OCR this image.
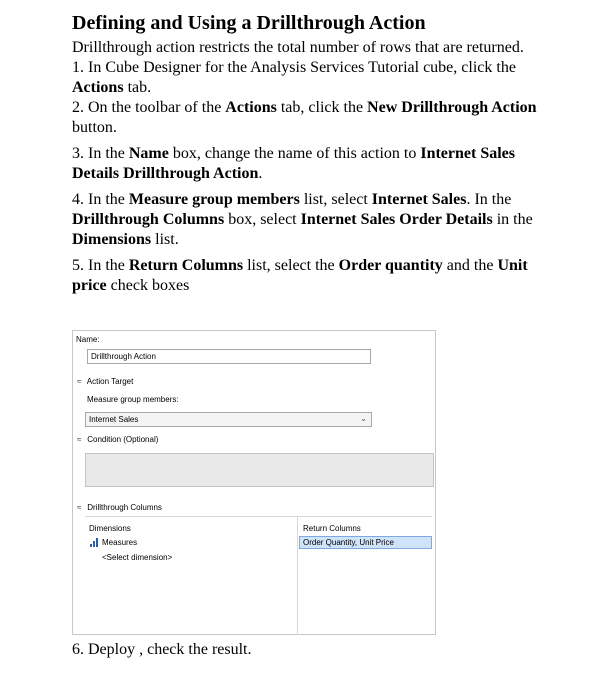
Defining and Using a Drillthrough Action

Drillthrough action restricts the total number of rows that are returned.

1. In Cube Designer for the Analysis Services Tutorial cube, click the Actions tab.

2. On the toolbar of the Actions tab, click the New Drillthrough Action button.

3. In the Name box, change the name of this action to Internet Sales Details Drillthrough Action.

4. In the Measure group members list, select Internet Sales. In the Drillthrough Columns box, select Internet Sales Order Details in the Dimensions list.

5. In the Return Columns list, select the Order quantity and the Unit price check boxes

Name:
Drillthrough Action
≈ Action Target
Measure group members:
Internet Sales	⌄
≈ Condition (Optional)
≈ Drillthrough Columns
Dimensions	Return Columns
Measures	Order Quantity, Unit Price
<Select dimension>
6. Deploy , check the result.
